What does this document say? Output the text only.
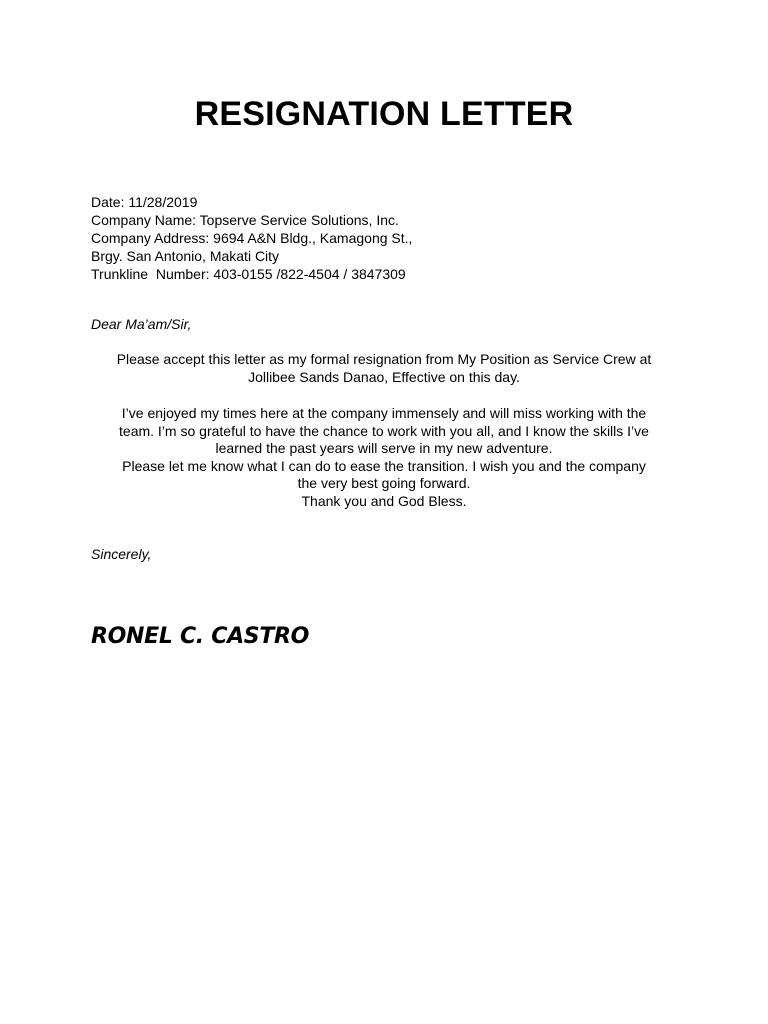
RESIGNATION LETTER
Date: 11/28/2019
Company Name: Topserve Service Solutions, Inc.
Company Address: 9694 A&N Bldg., Kamagong St.,
Brgy. San Antonio, Makati City
Trunkline  Number: 403-0155 /822-4504 / 3847309
Dear Ma’am/Sir,
Please accept this letter as my formal resignation from My Position as Service Crew at
Jollibee Sands Danao, Effective on this day.
I’ve enjoyed my times here at the company immensely and will miss working with the
team. I’m so grateful to have the chance to work with you all, and I know the skills I’ve
learned the past years will serve in my new adventure.
Please let me know what I can do to ease the transition. I wish you and the company
the very best going forward.
Thank you and God Bless.
Sincerely,
RONEL C. CASTRO
